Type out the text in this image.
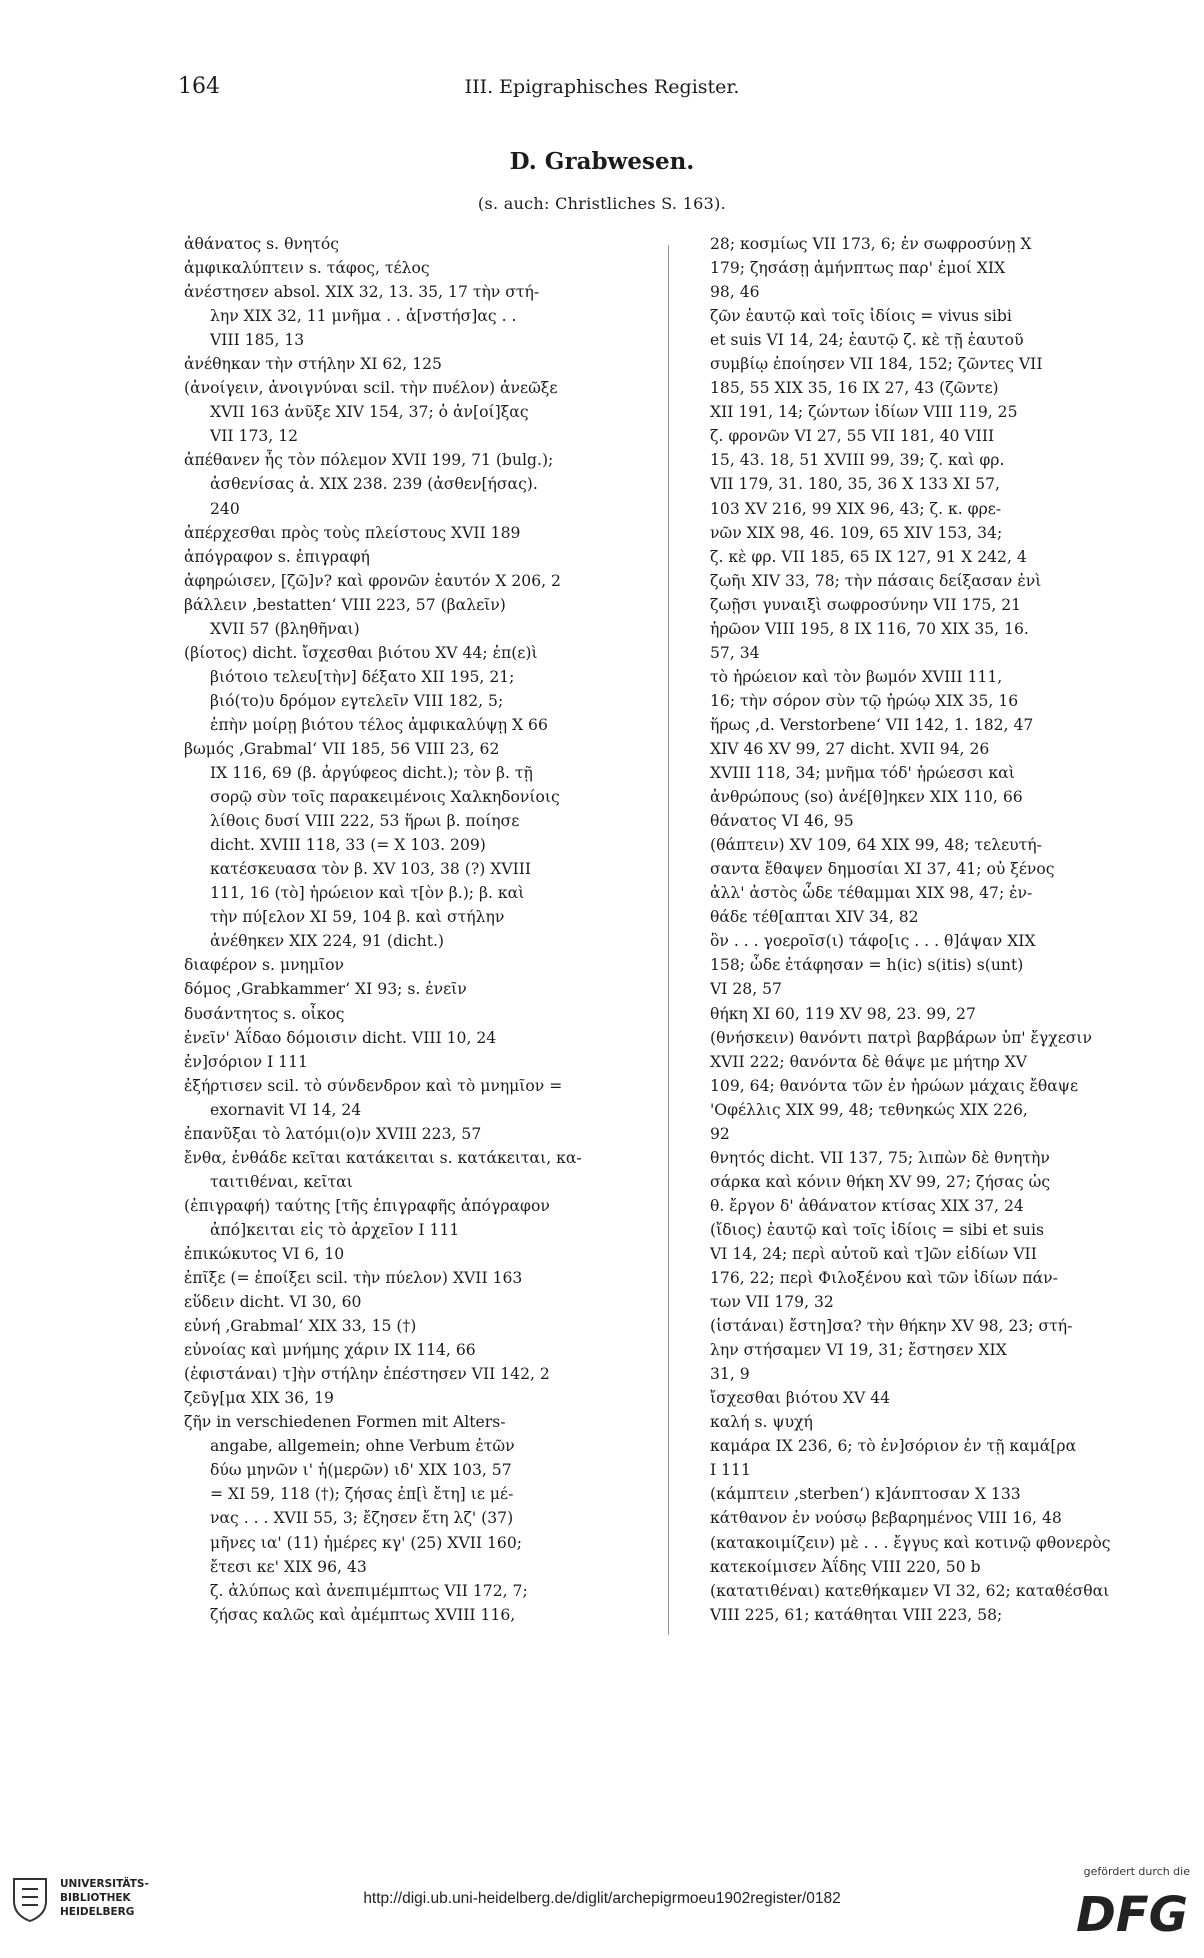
164	III. Epigraphisches Register.
D. Grabwesen.
(s. auch: Christliches S. 163).
ἀθάνατος s. θνητός
ἀμφικαλύπτειν s. τάφος, τέλος
ἀνέστησεν absol. XIX 32, 13. 35, 17 τὴν στή-
λην XIX 32, 11 μνῆμα . . ἀ[νστήσ]ας . .
VIII 185, 13
ἀνέθηκαν τὴν στήλην XI 62, 125
(ἀνοίγειν, ἀνοιγνύναι scil. τὴν πυέλον) ἀνεῶξε
XVII 163 ἀνῦξε XIV 154, 37; ὁ ἀν[οί]ξας
VII 173, 12
ἀπέθανεν ἧς τὸν πόλεμον XVII 199, 71 (bulg.);
ἀσθενίσας ἀ. XIX 238. 239 (ἀσθεν[ήσας).
240
ἀπέρχεσθαι πρὸς τοὺς πλείστους XVII 189
ἀπόγραφον s. ἐπιγραφή
ἀφηρώισεν, [ζῶ]ν? καὶ φρονῶν ἑαυτόν X 206, 2
βάλλειν ‚bestatten‘ VIII 223, 57 (βαλεῖν)
XVII 57 (βληθῆναι)
(βίοτος) dicht. ἴσχεσθαι βιότου XV 44; ἐπ(ε)ὶ
βιότοιο τελευ[τὴν] δέξατο XII 195, 21;
βιό(το)υ δρόμον εγτελεῖν VIII 182, 5;
ἐπὴν μοίρῃ βιότου τέλος ἀμφικαλύψῃ X 66
βωμός ‚Grabmal‘ VII 185, 56 VIII 23, 62
IX 116, 69 (β. ἀργύφεος dicht.); τὸν β. τῇ
σορῷ σὺν τοῖς παρακειμένοις Χαλκηδονίοις
λίθοις δυσί VIII 222, 53 ἥρωι β. ποίησε
dicht. XVIII 118, 33 (= X 103. 209)
κατέσκευασα τὸν β. XV 103, 38 (?) XVIII
111, 16 (τὸ] ἡρώειον καὶ τ[ὸν β.); β. καὶ
τὴν πύ[ελον XI 59, 104 β. καὶ στήλην
ἀνέθηκεν XIX 224, 91 (dicht.)
διαφέρον s. μνημῖον
δόμος ‚Grabkammer‘ XI 93; s. ἐνεῖν
δυσάντητος s. οἶκος
ἐνεῖν' Ἀΐδαο δόμοισιν dicht. VIII 10, 24
ἐν]σόριον I 111
ἐξήρτισεν scil. τὸ σύνδενδρον καὶ τὸ μνημῖον =
exornavit VI 14, 24
ἐπανῦξαι τὸ λατόμι(ο)ν XVIII 223, 57
ἔνθα, ἐνθάδε κεῖται κατάκειται s. κατάκειται, κα-
ταιτιθέναι, κεῖται
(ἐπιγραφή) ταύτης [τῆς ἐπιγραφῆς ἀπόγραφον
ἀπό]κειται εἰς τὸ ἀρχεῖον I 111
ἐπικώκυτος VI 6, 10
ἐπῖξε (= ἐποίξει scil. τὴν πύελον) XVII 163
εὕδειν dicht. VI 30, 60
εὐνή ‚Grabmal‘ XIX 33, 15 (†)
εὐνοίας καὶ μνήμης χάριν IX 114, 66
(ἐφιστάναι) τ]ὴν στήλην ἐπέστησεν VII 142, 2
ζεῦγ[μα XIX 36, 19
ζῆν in verschiedenen Formen mit Alters-
angabe, allgemein; ohne Verbum ἐτῶν
δύω μηνῶν ι' ἡ(μερῶν) ιδ' XIX 103, 57
= XI 59, 118 (†); ζήσας ἐπ[ὶ ἔτη] ιε μέ-
νας . . . XVII 55, 3; ἔζησεν ἔτη λζ' (37)
μῆνες ια' (11) ἡμέρες κγ' (25) XVII 160;
ἔτεσι κε' XIX 96, 43
ζ. ἀλύπως καὶ ἀνεπιμέμπτως VII 172, 7;
ζήσας καλῶς καὶ ἀμέμπτως XVIII 116,
28; κοσμίως VII 173, 6; ἐν σωφροσύνῃ X
179; ζησάσῃ ἀμήνπτως παρ' ἐμοί XIX
98, 46
ζῶν ἑαυτῷ καὶ τοῖς ἰδίοις = vivus sibi
et suis VI 14, 24; ἑαυτῷ ζ. κὲ τῇ ἑαυτοῦ
συμβίῳ ἐποίησεν VII 184, 152; ζῶντες VII
185, 55 XIX 35, 16 IX 27, 43 (ζῶντε)
XII 191, 14; ζώντων ἰδίων VIII 119, 25
ζ. φρονῶν VI 27, 55 VII 181, 40 VIII
15, 43. 18, 51 XVIII 99, 39; ζ. καὶ φρ.
VII 179, 31. 180, 35, 36 X 133 XI 57,
103 XV 216, 99 XIX 96, 43; ζ. κ. φρε-
νῶν XIX 98, 46. 109, 65 XIV 153, 34;
ζ. κὲ φρ. VII 185, 65 IX 127, 91 X 242, 4
ζωῆι XIV 33, 78; τὴν πάσαις δείξασαν ἐνὶ
ζωῇσι γυναιξὶ σωφροσύνην VII 175, 21
ἡρῶον VIII 195, 8 IX 116, 70 XIX 35, 16.
57, 34
τὸ ἡρώειον καὶ τὸν βωμόν XVIII 111,
16; τὴν σόρον σὺν τῷ ἡρώῳ XIX 35, 16
ἥρως ‚d. Verstorbene‘ VII 142, 1. 182, 47
XIV 46 XV 99, 27 dicht. XVII 94, 26
XVIII 118, 34; μνῆμα τόδ' ἡρώεσσι καὶ
ἀνθρώπους (so) ἀνέ[θ]ηκεν XIX 110, 66
θάνατος VI 46, 95
(θάπτειν) XV 109, 64 XIX 99, 48; τελευτή-
σαντα ἔθαψεν δημοσίαι XI 37, 41; οὐ ξένος
ἀλλ' ἀστὸς ὧδε τέθαμμαι XIX 98, 47; ἐν-
θάδε τέθ[απται XIV 34, 82
ὃν . . . γοεροῖσ(ι) τάφο[ις . . . θ]άψαν XIX
158; ὧδε ἐτάφησαν = h(ic) s(itis) s(unt)
VI 28, 57
θήκη XI 60, 119 XV 98, 23. 99, 27
(θνήσκειν) θανόντι πατρὶ βαρβάρων ὑπ' ἔγχεσιν
XVII 222; θανόντα δὲ θάψε με μήτηρ XV
109, 64; θανόντα τῶν ἐν ἡρώων μάχαις ἔθαψε
'Οφέλλις XIX 99, 48; τεθνηκώς XIX 226,
92
θνητός dicht. VII 137, 75; λιπὼν δὲ θνητὴν
σάρκα καὶ κόνιν θήκη XV 99, 27; ζήσας ὡς
θ. ἔργον δ' ἀθάνατον κτίσας XIX 37, 24
(ἴδιος) ἑαυτῷ καὶ τοῖς ἰδίοις = sibi et suis
VI 14, 24; περὶ αὐτοῦ καὶ τ]ῶν εἰδίων VII
176, 22; περὶ Φιλοξένου καὶ τῶν ἰδίων πάν-
των VII 179, 32
(ἱστάναι) ἔστη]σα? τὴν θήκην XV 98, 23; στή-
λην στήσαμεν VI 19, 31; ἔστησεν XIX
31, 9
ἴσχεσθαι βιότου XV 44
καλή s. ψυχή
καμάρα IX 236, 6; τὸ ἐν]σόριον ἐν τῇ καμά[ρα
I 111
(κάμπτειν ‚sterben‘) κ]άνπτοσαν X 133
κάτθανον ἐν νούσῳ βεβαρημένος VIII 16, 48
(κατακοιμίζειν) μὲ . . . ἔγγυς καὶ κοτινῷ φθονερὸς
κατεκοίμισεν Ἀΐδης VIII 220, 50 b
(κατατιθέναι) κατεθήκαμεν VI 32, 62; καταθέσθαι
VIII 225, 61; κατάθηται VIII 223, 58;
UNIVERSITÄTS-
BIBLIOTHEK
HEIDELBERG
http://digi.ub.uni-heidelberg.de/diglit/archepigrmoeu1902register/0182
gefördert durch die
DFG
